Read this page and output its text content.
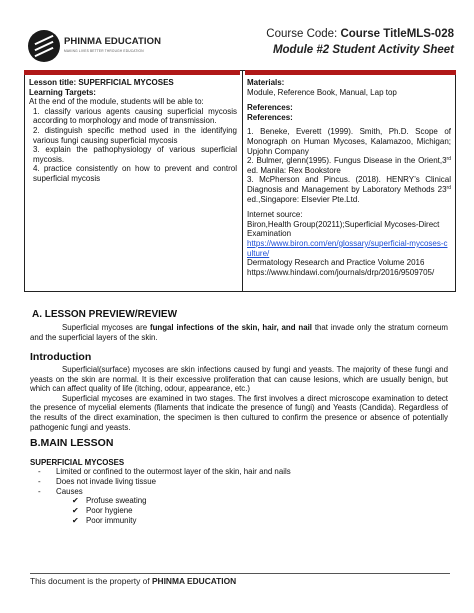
PHINMA EDUCATION
MAKING LIVES BETTER THROUGH EDUCATION
Course Code: Course TitleMLS-028
Module #2 Student Activity Sheet

Lesson title: SUPERFICIAL MYCOSES

Learning Targets:

At the end of the module, students will be able to:

1. classify various agents causing superficial mycosis according to morphology and mode of transmission.

2. distinguish specific method used in the identifying various fungi causing superficial mycosis

3. explain the pathophysiology of various superficial mycosis.

4. practice consistently on how to prevent and control superficial mycosis

Materials:

Module, Reference Book, Manual, Lap top

References:

References:

1. Beneke, Everett (1999). Smith, Ph.D. Scope of Monograph on Human Mycoses, Kalamazoo, Michigan; Upjohn Company

2. Bulmer, glenn(1995). Fungus Disease in the Orient,3rd ed. Manila: Rex Bookstore

3. McPherson and Pincus. (2018). HENRY’s Clinical Diagnosis and Management by Laboratory Methods 23rd ed.,Singapore: Elsevier Pte.Ltd.

Internet source:

Biron,Health Group(20211);Superficial Mycoses-Direct Examination

https://www.biron.com/en/glossary/superficial-mycoses-culture/

Dermatology Research and Practice Volume 2016

https://www.hindawi.com/journals/drp/2016/9509705/

A. LESSON PREVIEW/REVIEW

Superficial mycoses are fungal infections of the skin, hair, and nail that invade only the stratum corneum and the superficial layers of the skin.

Introduction

Superficial(surface) mycoses are skin infections caused by fungi and yeasts. The majority of these fungi and yeasts on the skin are normal. It is their excessive proliferation that can cause lesions, which are usually benign, but which can affect quality of life (itching, odour, appearance, etc.)

Superficial mycoses are examined in two stages. The first involves a direct microscope examination to detect the presence of mycelial elements (filaments that indicate the presence of fungi) and Yeasts (Candida). Regardless of the results of the direct examination, the specimen is then cultured to confirm the presence or absence of potentially pathogenic fungi and yeasts.

B.MAIN LESSON
SUPERFICIAL MYCOSES
- Limited or confined to the outermost layer of the skin, hair and nails
- Does not invade living tissue
- Causes
✔ Profuse sweating
✔ Poor hygiene
✔ Poor immunity
This document is the property of PHINMA EDUCATION
